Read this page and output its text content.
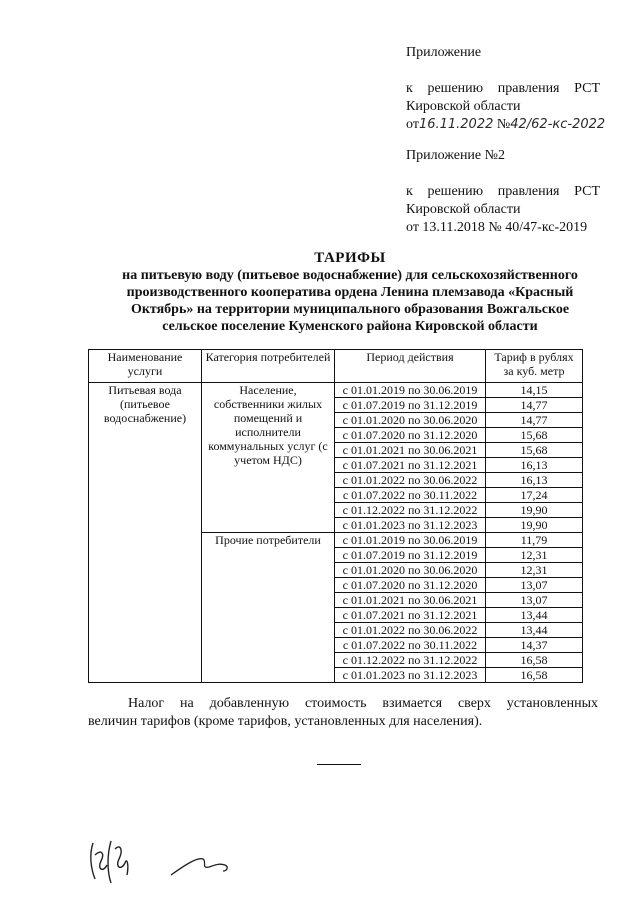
Приложение
к решению правления РСТ
Кировской области
от16.11.2022 №42/62-кс-2022
Приложение №2
к решению правления РСТ
Кировской области
от 13.11.2018 № 40/47-кс-2019
ТАРИФЫ
на питьевую воду (питьевое водоснабжение) для сельскохозяйственного
производственного кооператива ордена Ленина племзавода «Красный
Октябрь» на территории муниципального образования Вожгальское
сельское поселение Куменского района Кировской области
Наименование услуги	Категория потребителей	Период действия	Тариф в рублях за куб. метр
Питьевая вода (питьевое водоснабжение)	Население, собственники жилых помещений и исполнители коммунальных услуг (с учетом НДС)	с 01.01.2019 по 30.06.2019	14,15
		с 01.07.2019 по 31.12.2019	14,77
		с 01.01.2020 по 30.06.2020	14,77
		с 01.07.2020 по 31.12.2020	15,68
		с 01.01.2021 по 30.06.2021	15,68
		с 01.07.2021 по 31.12.2021	16,13
		с 01.01.2022 по 30.06.2022	16,13
		с 01.07.2022 по 30.11.2022	17,24
		с 01.12.2022 по 31.12.2022	19,90
		с 01.01.2023 по 31.12.2023	19,90
	Прочие потребители	с 01.01.2019 по 30.06.2019	11,79
		с 01.07.2019 по 31.12.2019	12,31
		с 01.01.2020 по 30.06.2020	12,31
		с 01.07.2020 по 31.12.2020	13,07
		с 01.01.2021 по 30.06.2021	13,07
		с 01.07.2021 по 31.12.2021	13,44
		с 01.01.2022 по 30.06.2022	13,44
		с 01.07.2022 по 30.11.2022	14,37
		с 01.12.2022 по 31.12.2022	16,58
		с 01.01.2023 по 31.12.2023	16,58
Налог на добавленную стоимость взимается сверх установленных
величин тарифов (кроме тарифов, установленных для населения).
